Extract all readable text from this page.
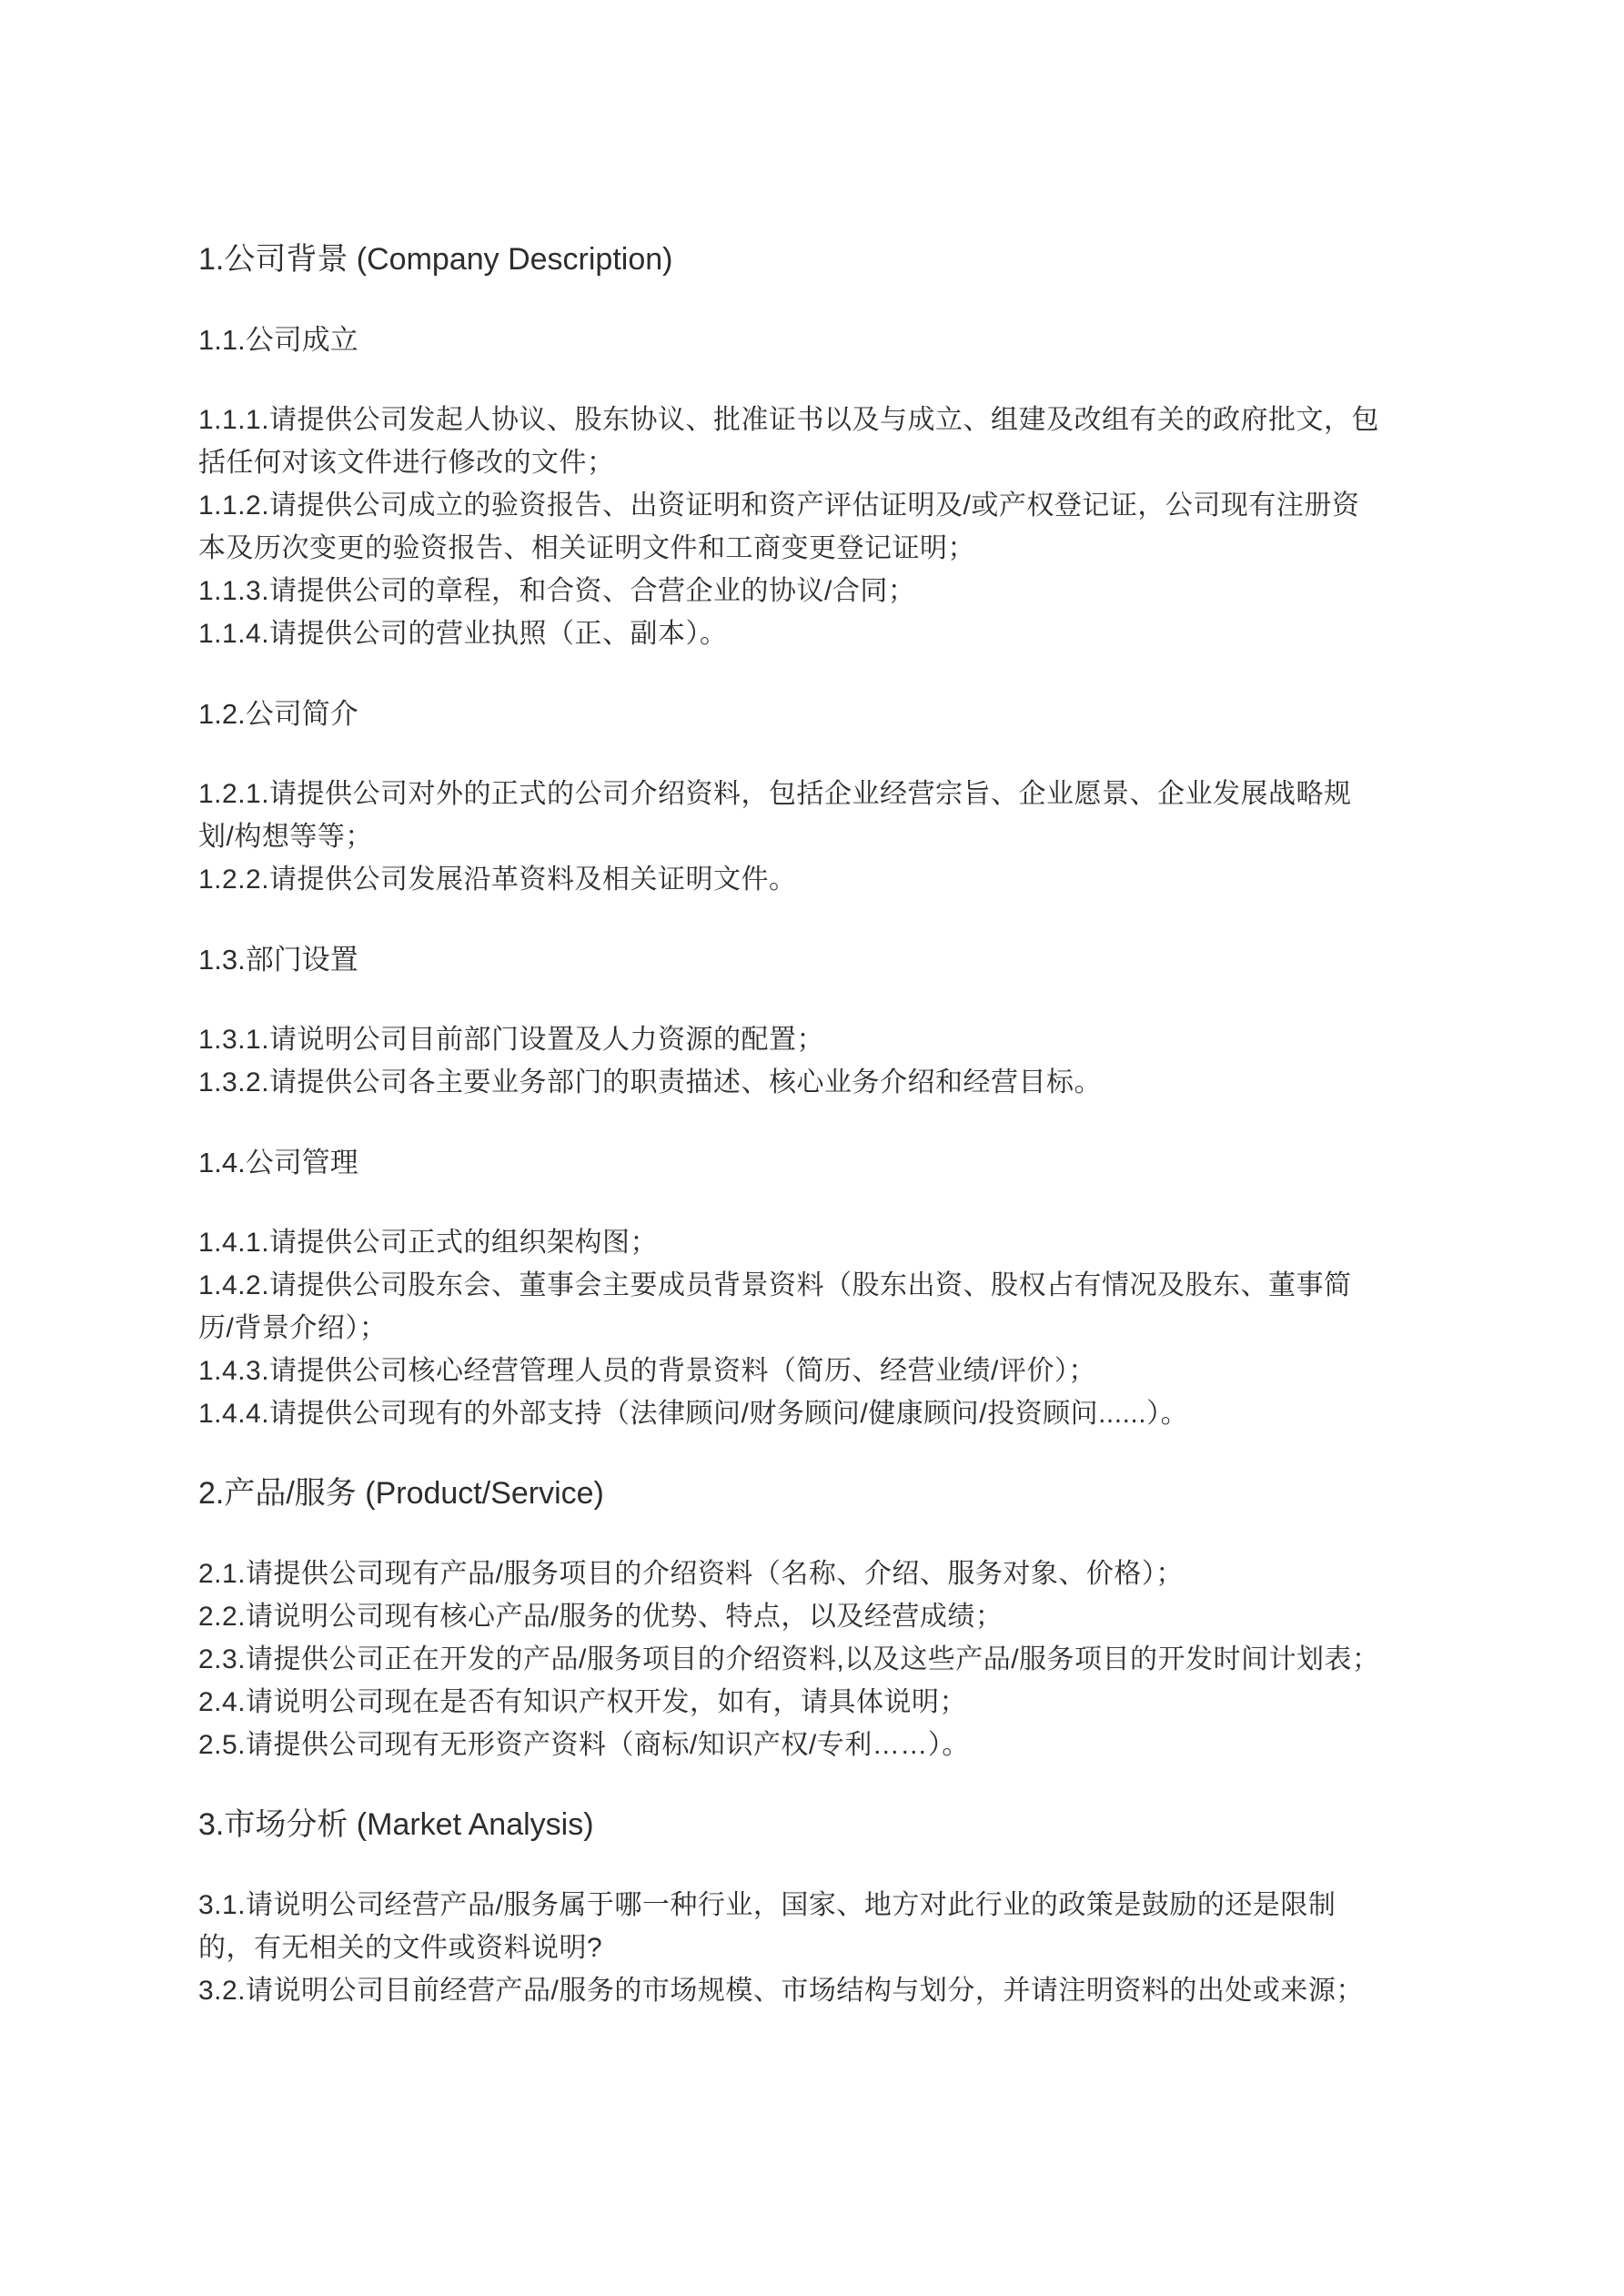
1.公司背景 (Company Description)
1.1.公司成立

1.1.1.请提供公司发起人协议、股东协议、批准证书以及与成立、组建及改组有关的政府批文，包括任何对该文件进行修改的文件；

1.1.2.请提供公司成立的验资报告、出资证明和资产评估证明及/或产权登记证，公司现有注册资本及历次变更的验资报告、相关证明文件和工商变更登记证明；

1.1.3.请提供公司的章程，和合资、合营企业的协议/合同；

1.1.4.请提供公司的营业执照（正、副本）。

1.2.公司简介

1.2.1.请提供公司对外的正式的公司介绍资料，包括企业经营宗旨、企业愿景、企业发展战略规划/构想等等；

1.2.2.请提供公司发展沿革资料及相关证明文件。

1.3.部门设置

1.3.1.请说明公司目前部门设置及人力资源的配置；

1.3.2.请提供公司各主要业务部门的职责描述、核心业务介绍和经营目标。

1.4.公司管理

1.4.1.请提供公司正式的组织架构图；

1.4.2.请提供公司股东会、董事会主要成员背景资料（股东出资、股权占有情况及股东、董事简历/背景介绍）；

1.4.3.请提供公司核心经营管理人员的背景资料（简历、经营业绩/评价）；

1.4.4.请提供公司现有的外部支持（法律顾问/财务顾问/健康顾问/投资顾问......）。

2.产品/服务 (Product/Service)

2.1.请提供公司现有产品/服务项目的介绍资料（名称、介绍、服务对象、价格）；

2.2.请说明公司现有核心产品/服务的优势、特点，以及经营成绩；

2.3.请提供公司正在开发的产品/服务项目的介绍资料,以及这些产品/服务项目的开发时间计划表；

2.4.请说明公司现在是否有知识产权开发，如有，请具体说明；

2.5.请提供公司现有无形资产资料（商标/知识产权/专利……）。

3.市场分析 (Market Analysis)

3.1.请说明公司经营产品/服务属于哪一种行业，国家、地方对此行业的政策是鼓励的还是限制的，有无相关的文件或资料说明?

3.2.请说明公司目前经营产品/服务的市场规模、市场结构与划分，并请注明资料的出处或来源；
